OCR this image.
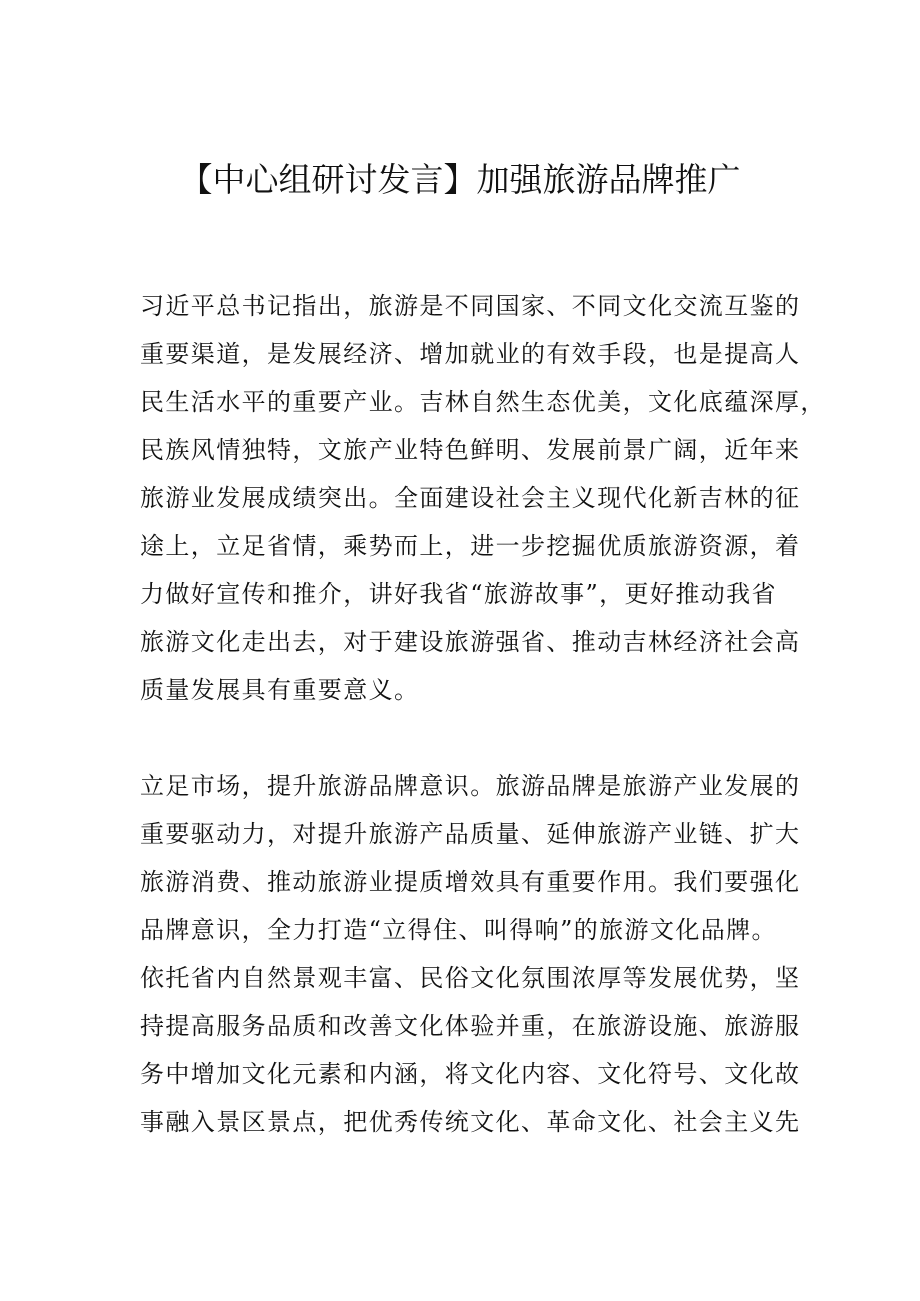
【中心组研讨发言】加强旅游品牌推广

习近平总书记指出，旅游是不同国家、不同文化交流互鉴的
重要渠道，是发展经济、增加就业的有效手段，也是提高人
民生活水平的重要产业。吉林自然生态优美，文化底蕴深厚，
民族风情独特，文旅产业特色鲜明、发展前景广阔，近年来
旅游业发展成绩突出。全面建设社会主义现代化新吉林的征
途上，立足省情，乘势而上，进一步挖掘优质旅游资源，着
力做好宣传和推介，讲好我省“旅游故事”，更好推动我省
旅游文化走出去，对于建设旅游强省、推动吉林经济社会高
质量发展具有重要意义。

立足市场，提升旅游品牌意识。旅游品牌是旅游产业发展的
重要驱动力，对提升旅游产品质量、延伸旅游产业链、扩大
旅游消费、推动旅游业提质增效具有重要作用。我们要强化
品牌意识，全力打造“立得住、叫得响”的旅游文化品牌。
依托省内自然景观丰富、民俗文化氛围浓厚等发展优势，坚
持提高服务品质和改善文化体验并重，在旅游设施、旅游服
务中增加文化元素和内涵，将文化内容、文化符号、文化故
事融入景区景点，把优秀传统文化、革命文化、社会主义先
